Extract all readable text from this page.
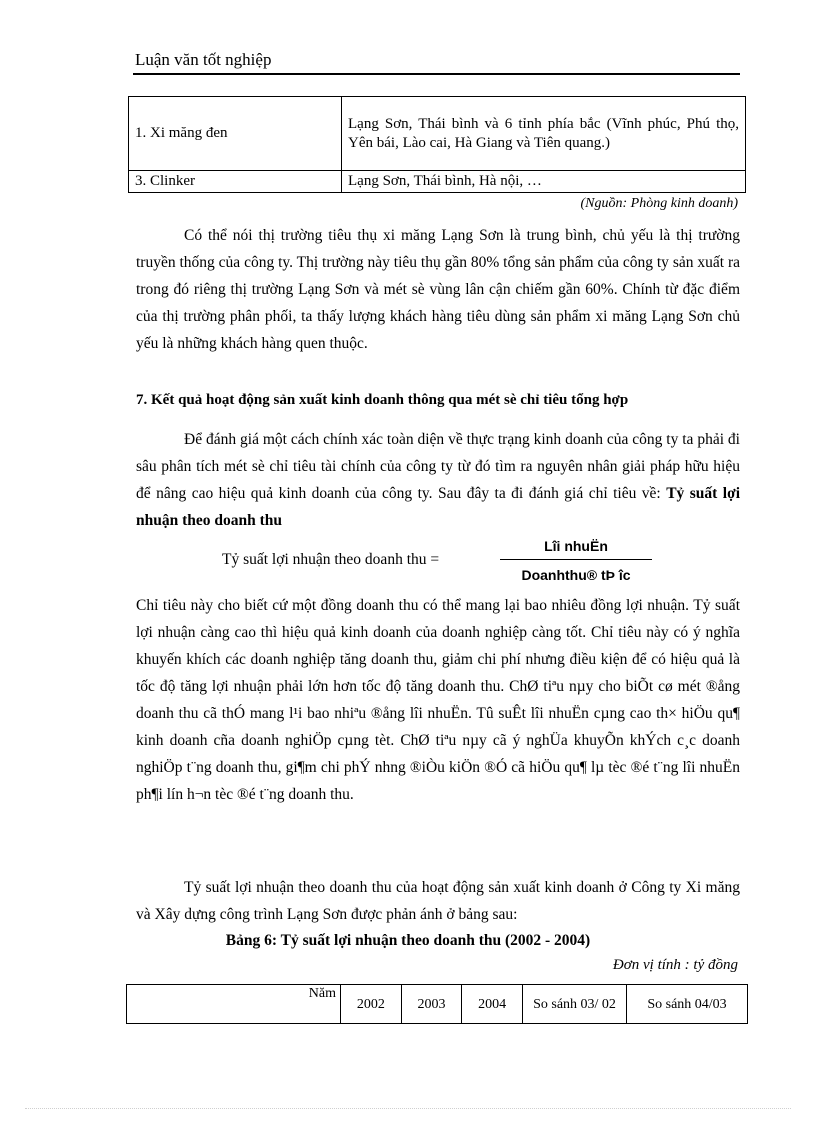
Luận văn tốt nghiệp
1. Xi măng đen	Lạng Sơn, Thái bình và 6 tỉnh phía bắc (Vĩnh phúc, Phú thọ, Yên bái, Lào cai, Hà Giang và Tiên quang.)
3. Clinker	Lạng Sơn, Thái bình, Hà nội, …
(Nguồn: Phòng kinh doanh)

Có thể nói thị trường tiêu thụ xi măng Lạng Sơn là trung bình, chủ yếu là thị trường truyền thống của công ty. Thị trường này tiêu thụ gần 80% tổng sản phẩm của công ty sản xuất ra trong đó riêng thị trường Lạng Sơn và mét sè vùng lân cận chiếm gần 60%. Chính từ đặc điểm của thị trường phân phối, ta thấy lượng khách hàng tiêu dùng sản phẩm xi măng Lạng Sơn chủ yếu là những khách hàng quen thuộc.

7. Kết quả hoạt động sản xuất kinh doanh thông qua mét sè chỉ tiêu tổng hợp

Để đánh giá một cách chính xác toàn diện về thực trạng kinh doanh của công ty ta phải đi sâu phân tích mét sè chỉ tiêu tài chính của công ty từ đó tìm ra nguyên nhân giải pháp hữu hiệu để nâng cao hiệu quả kinh doanh của công ty. Sau đây ta đi đánh giá chỉ tiêu về: Tỷ suất lợi nhuận theo doanh thu

Tỷ suất lợi nhuận theo doanh thu =
Lîi nhuËn
Doanhthu® tÞ îc

Chỉ tiêu này cho biết cứ một đồng doanh thu có thể mang lại bao nhiêu đồng lợi nhuận. Tỷ suất lợi nhuận càng cao thì hiệu quả kinh doanh của doanh nghiệp càng tốt. Chỉ tiêu này có ý nghĩa khuyến khích các doanh nghiệp tăng doanh thu, giảm chi phí nhưng điều kiện để có hiệu quả là tốc độ tăng lợi nhuận phải lớn hơn tốc độ tăng doanh thu. ChØ tiªu nµy cho biÕt cø mét ®ång doanh thu cã thÓ mang l¹i bao nhiªu ®ång lîi nhuËn. Tû suÊt lîi nhuËn cµng cao th× hiÖu qu¶ kinh doanh cña doanh nghiÖp cµng tèt. ChØ tiªu nµy cã ý nghÜa khuyÕn khÝch c¸c doanh nghiÖp t¨ng doanh thu, gi¶m chi phÝ nhng ®iÒu kiÖn ®Ó cã hiÖu qu¶ lµ tèc ®é t¨ng lîi nhuËn ph¶i lín h¬n tèc ®é t¨ng doanh thu.

Tỷ suất lợi nhuận theo doanh thu của hoạt động sản xuất kinh doanh ở Công ty Xi măng và Xây dựng công trình Lạng Sơn được phản ánh ở bảng sau:

Bảng 6: Tỷ suất lợi nhuận theo doanh thu (2002 - 2004)
Đơn vị tính : tỷ đồng
Năm	2002	2003	2004	So sánh 03/ 02	So sánh 04/03
